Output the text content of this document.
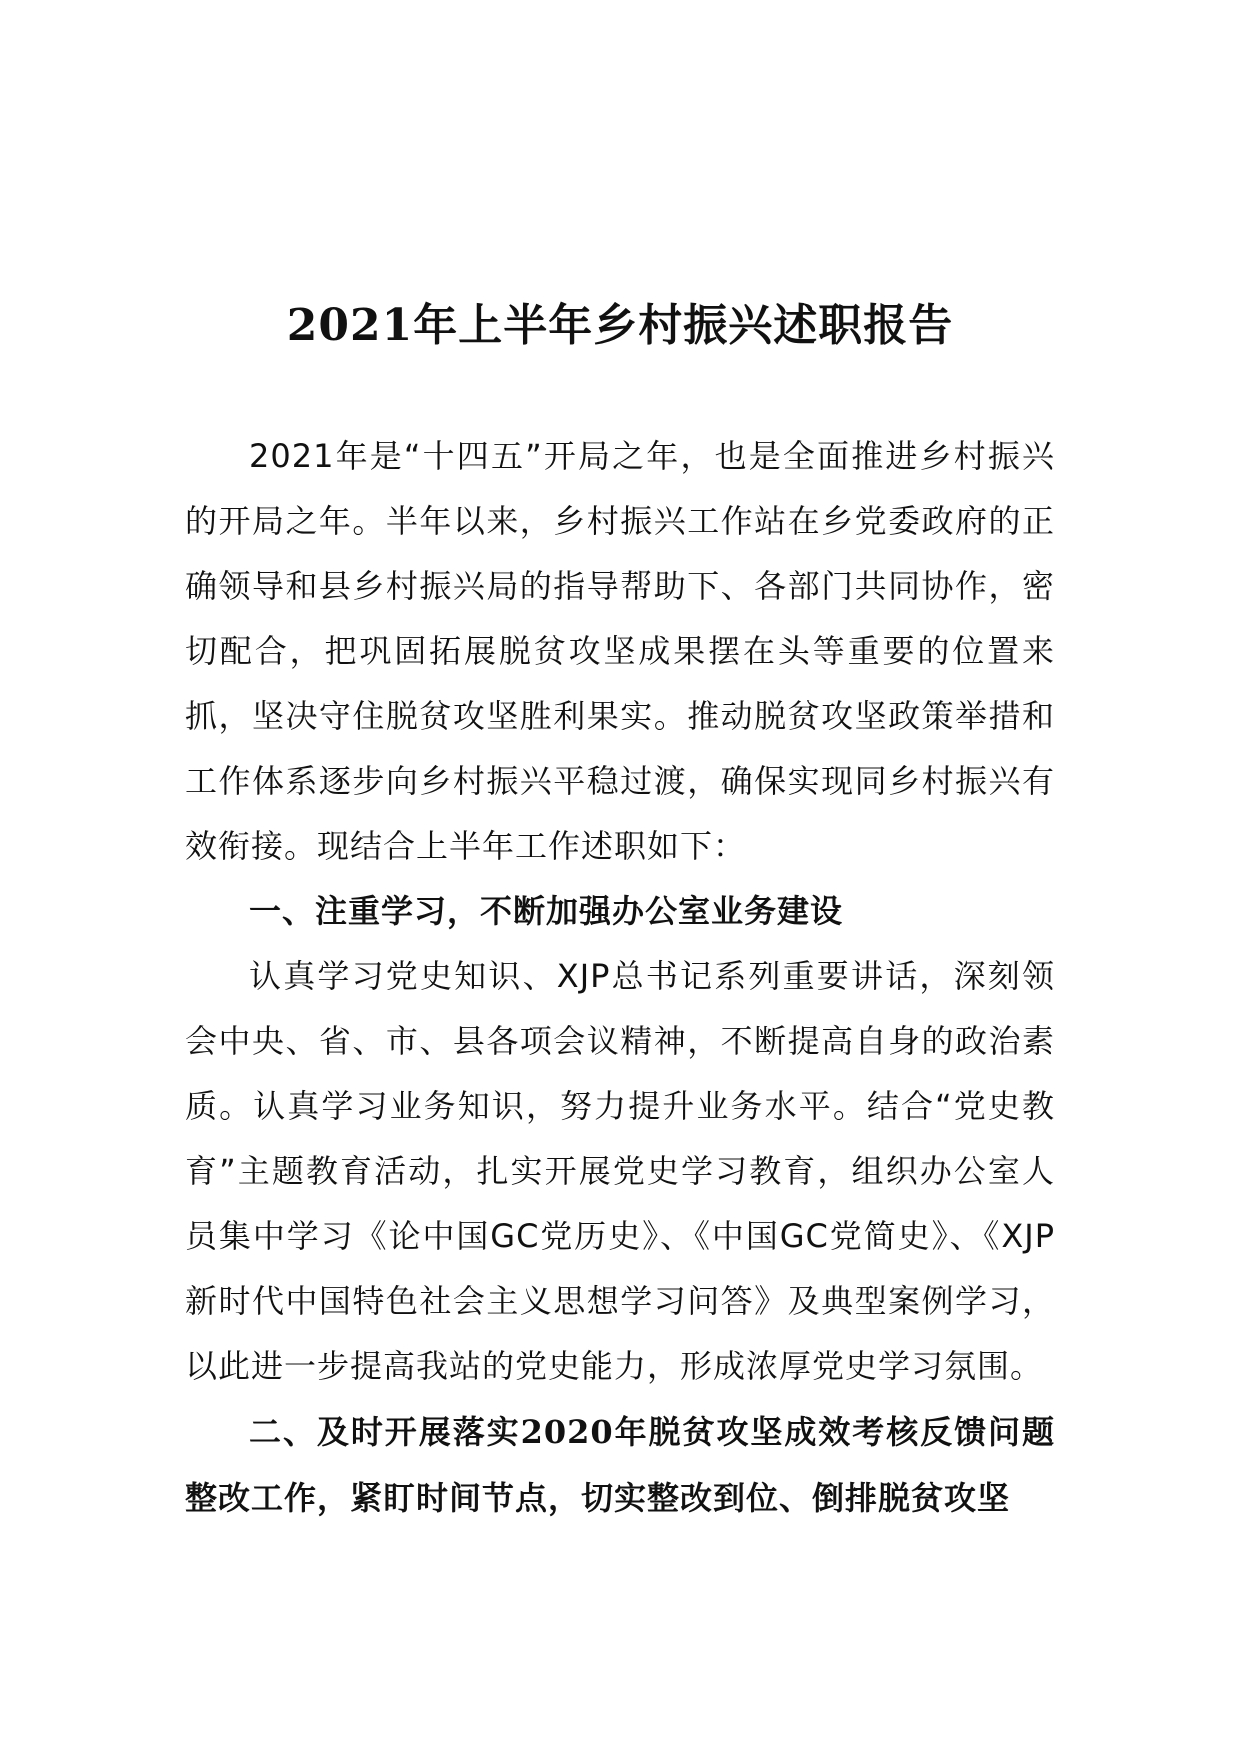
2021年上半年乡村振兴述职报告

2021年是“十四五”开局之年，也是全面推进乡村振兴的开局之年。半年以来，乡村振兴工作站在乡党委政府的正确领导和县乡村振兴局的指导帮助下、各部门共同协作，密切配合，把巩固拓展脱贫攻坚成果摆在头等重要的位置来抓，坚决守住脱贫攻坚胜利果实。推动脱贫攻坚政策举措和工作体系逐步向乡村振兴平稳过渡，确保实现同乡村振兴有效衔接。现结合上半年工作述职如下：

一、注重学习，不断加强办公室业务建设

认真学习党史知识、XJP总书记系列重要讲话，深刻领会中央、省、市、县各项会议精神，不断提高自身的政治素质。认真学习业务知识，努力提升业务水平。结合“党史教育”主题教育活动，扎实开展党史学习教育，组织办公室人员集中学习《论中国GC党历史》、《中国GC党简史》、《XJP新时代中国特色社会主义思想学习问答》及典型案例学习，以此进一步提高我站的党史能力，形成浓厚党史学习氛围。

二、及时开展落实2020年脱贫攻坚成效考核反馈问题整改工作，紧盯时间节点，切实整改到位、倒排脱贫攻坚
